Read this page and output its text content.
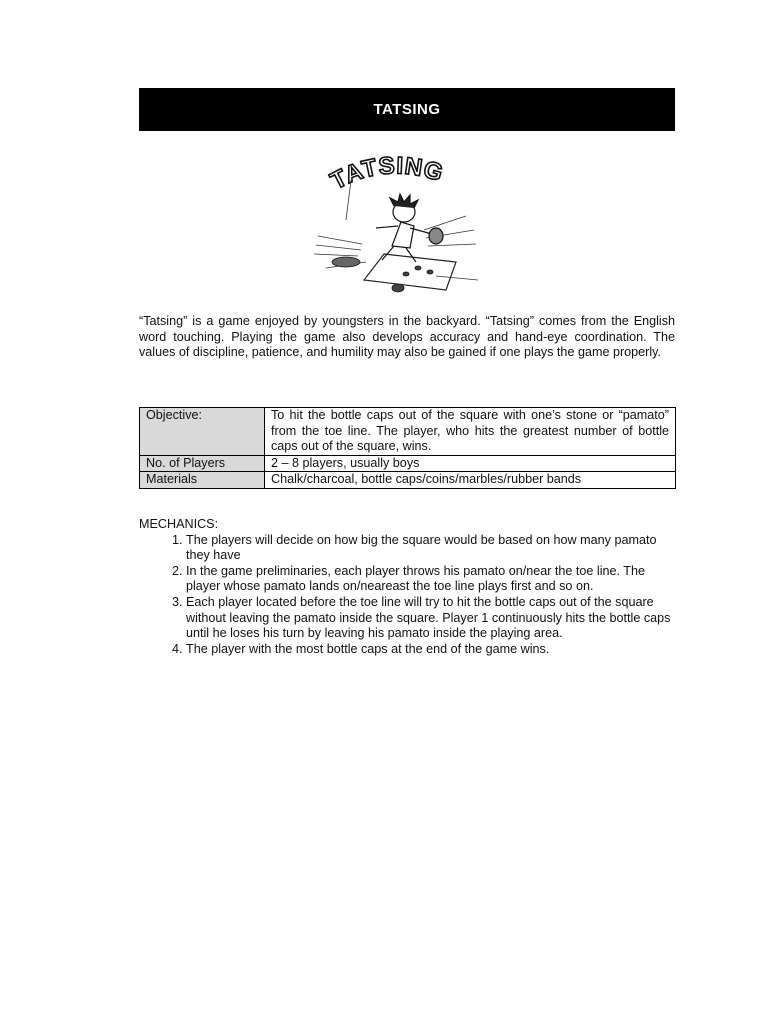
TATSING
TATSING
“Tatsing” is a game enjoyed by youngsters in the backyard. “Tatsing” comes from the English word touching. Playing the game also develops accuracy and hand-eye coordination. The values of discipline, patience, and humility may also be gained if one plays the game properly.
Objective:	To hit the bottle caps out of the square with one’s stone or “pamato” from the toe line. The player, who hits the greatest number of bottle caps out of the square, wins.
No. of Players	2 – 8 players, usually boys
Materials	Chalk/charcoal, bottle caps/coins/marbles/rubber bands
MECHANICS:
1. The players will decide on how big the square would be based on how many pamato they have
2. In the game preliminaries, each player throws his pamato on/near the toe line. The player whose pamato lands on/neareast the toe line plays first and so on.
3. Each player located before the toe line will try to hit the bottle caps out of the square without leaving the pamato inside the square. Player 1 continuously hits the bottle caps until he loses his turn by leaving his pamato inside the playing area.
4. The player with the most bottle caps at the end of the game wins.
